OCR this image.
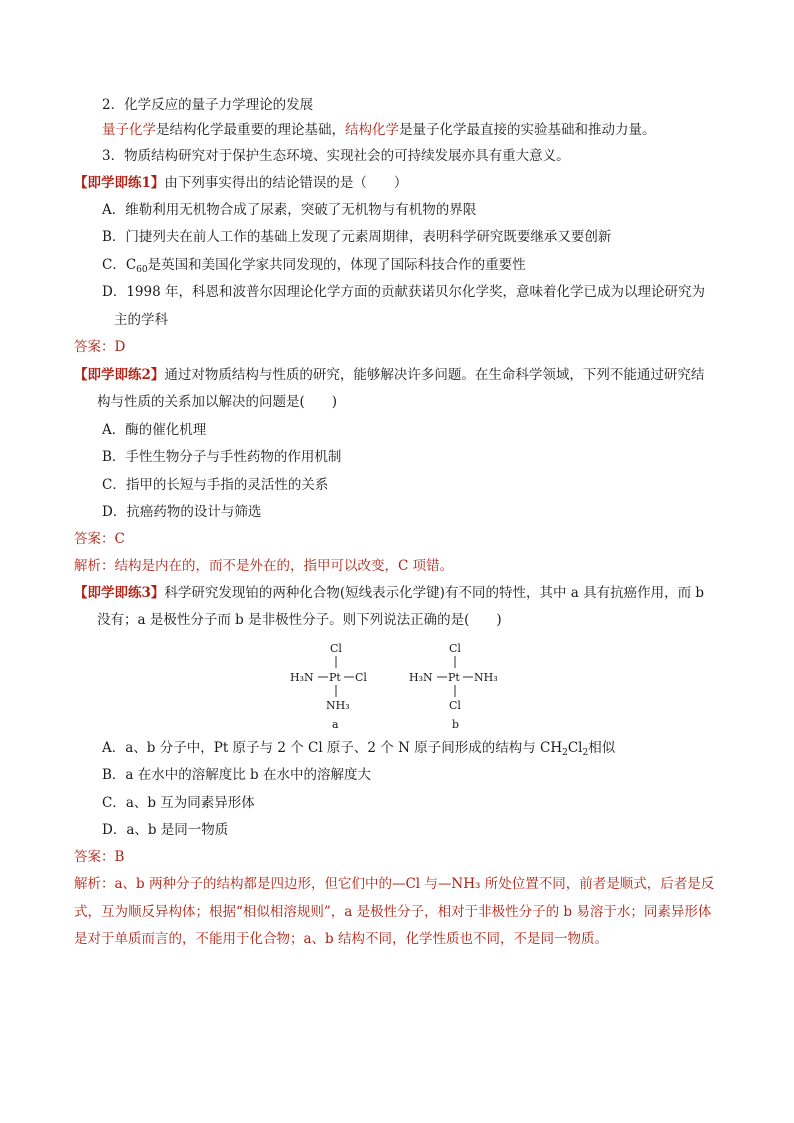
2．化学反应的量子力学理论的发展
量子化学是结构化学最重要的理论基础，结构化学是量子化学最直接的实验基础和推动力量。
3．物质结构研究对于保护生态环境、实现社会的可持续发展亦具有重大意义。
【即学即练1】由下列事实得出的结论错误的是（　　）
A．维勒利用无机物合成了尿素，突破了无机物与有机物的界限
B．门捷列夫在前人工作的基础上发现了元素周期律，表明科学研究既要继承又要创新
C．$C_{60}$是英国和美国化学家共同发现的，体现了国际科技合作的重要性
D．1998 年，科恩和波普尔因理论化学方面的贡献获诺贝尔化学奖，意味着化学已成为以理论研究为
主的学科
答案：D
【即学即练2】通过对物质结构与性质的研究，能够解决许多问题。在生命科学领域，下列不能通过研究结
构与性质的关系加以解决的问题是(　　)
A．酶的催化机理
B．手性生物分子与手性药物的作用机制
C．指甲的长短与手指的灵活性的关系
D．抗癌药物的设计与筛选
答案：C
解析：结构是内在的，而不是外在的，指甲可以改变，C 项错。
【即学即练3】科学研究发现铂的两种化合物(短线表示化学键)有不同的特性，其中 a 具有抗癌作用，而 b
没有；a 是极性分子而 b 是非极性分子。则下列说法正确的是(　　)
Cl
H₃N Pt Cl
NH₃
a
Cl
H₃N Pt NH₃
Cl
b
A．a、b 分子中，Pt 原子与 2 个 Cl 原子、2 个 N 原子间形成的结构与 $CH_2Cl_2$相似
B．a 在水中的溶解度比 b 在水中的溶解度大
C．a、b 互为同素异形体
D．a、b 是同一物质
答案：B
解析：a、b 两种分子的结构都是四边形，但它们中的—Cl 与—NH₃ 所处位置不同，前者是顺式，后者是反
式，互为顺反异构体；根据“相似相溶规则”，a 是极性分子，相对于非极性分子的 b 易溶于水；同素异形体
是对于单质而言的，不能用于化合物；a、b 结构不同，化学性质也不同，不是同一物质。
